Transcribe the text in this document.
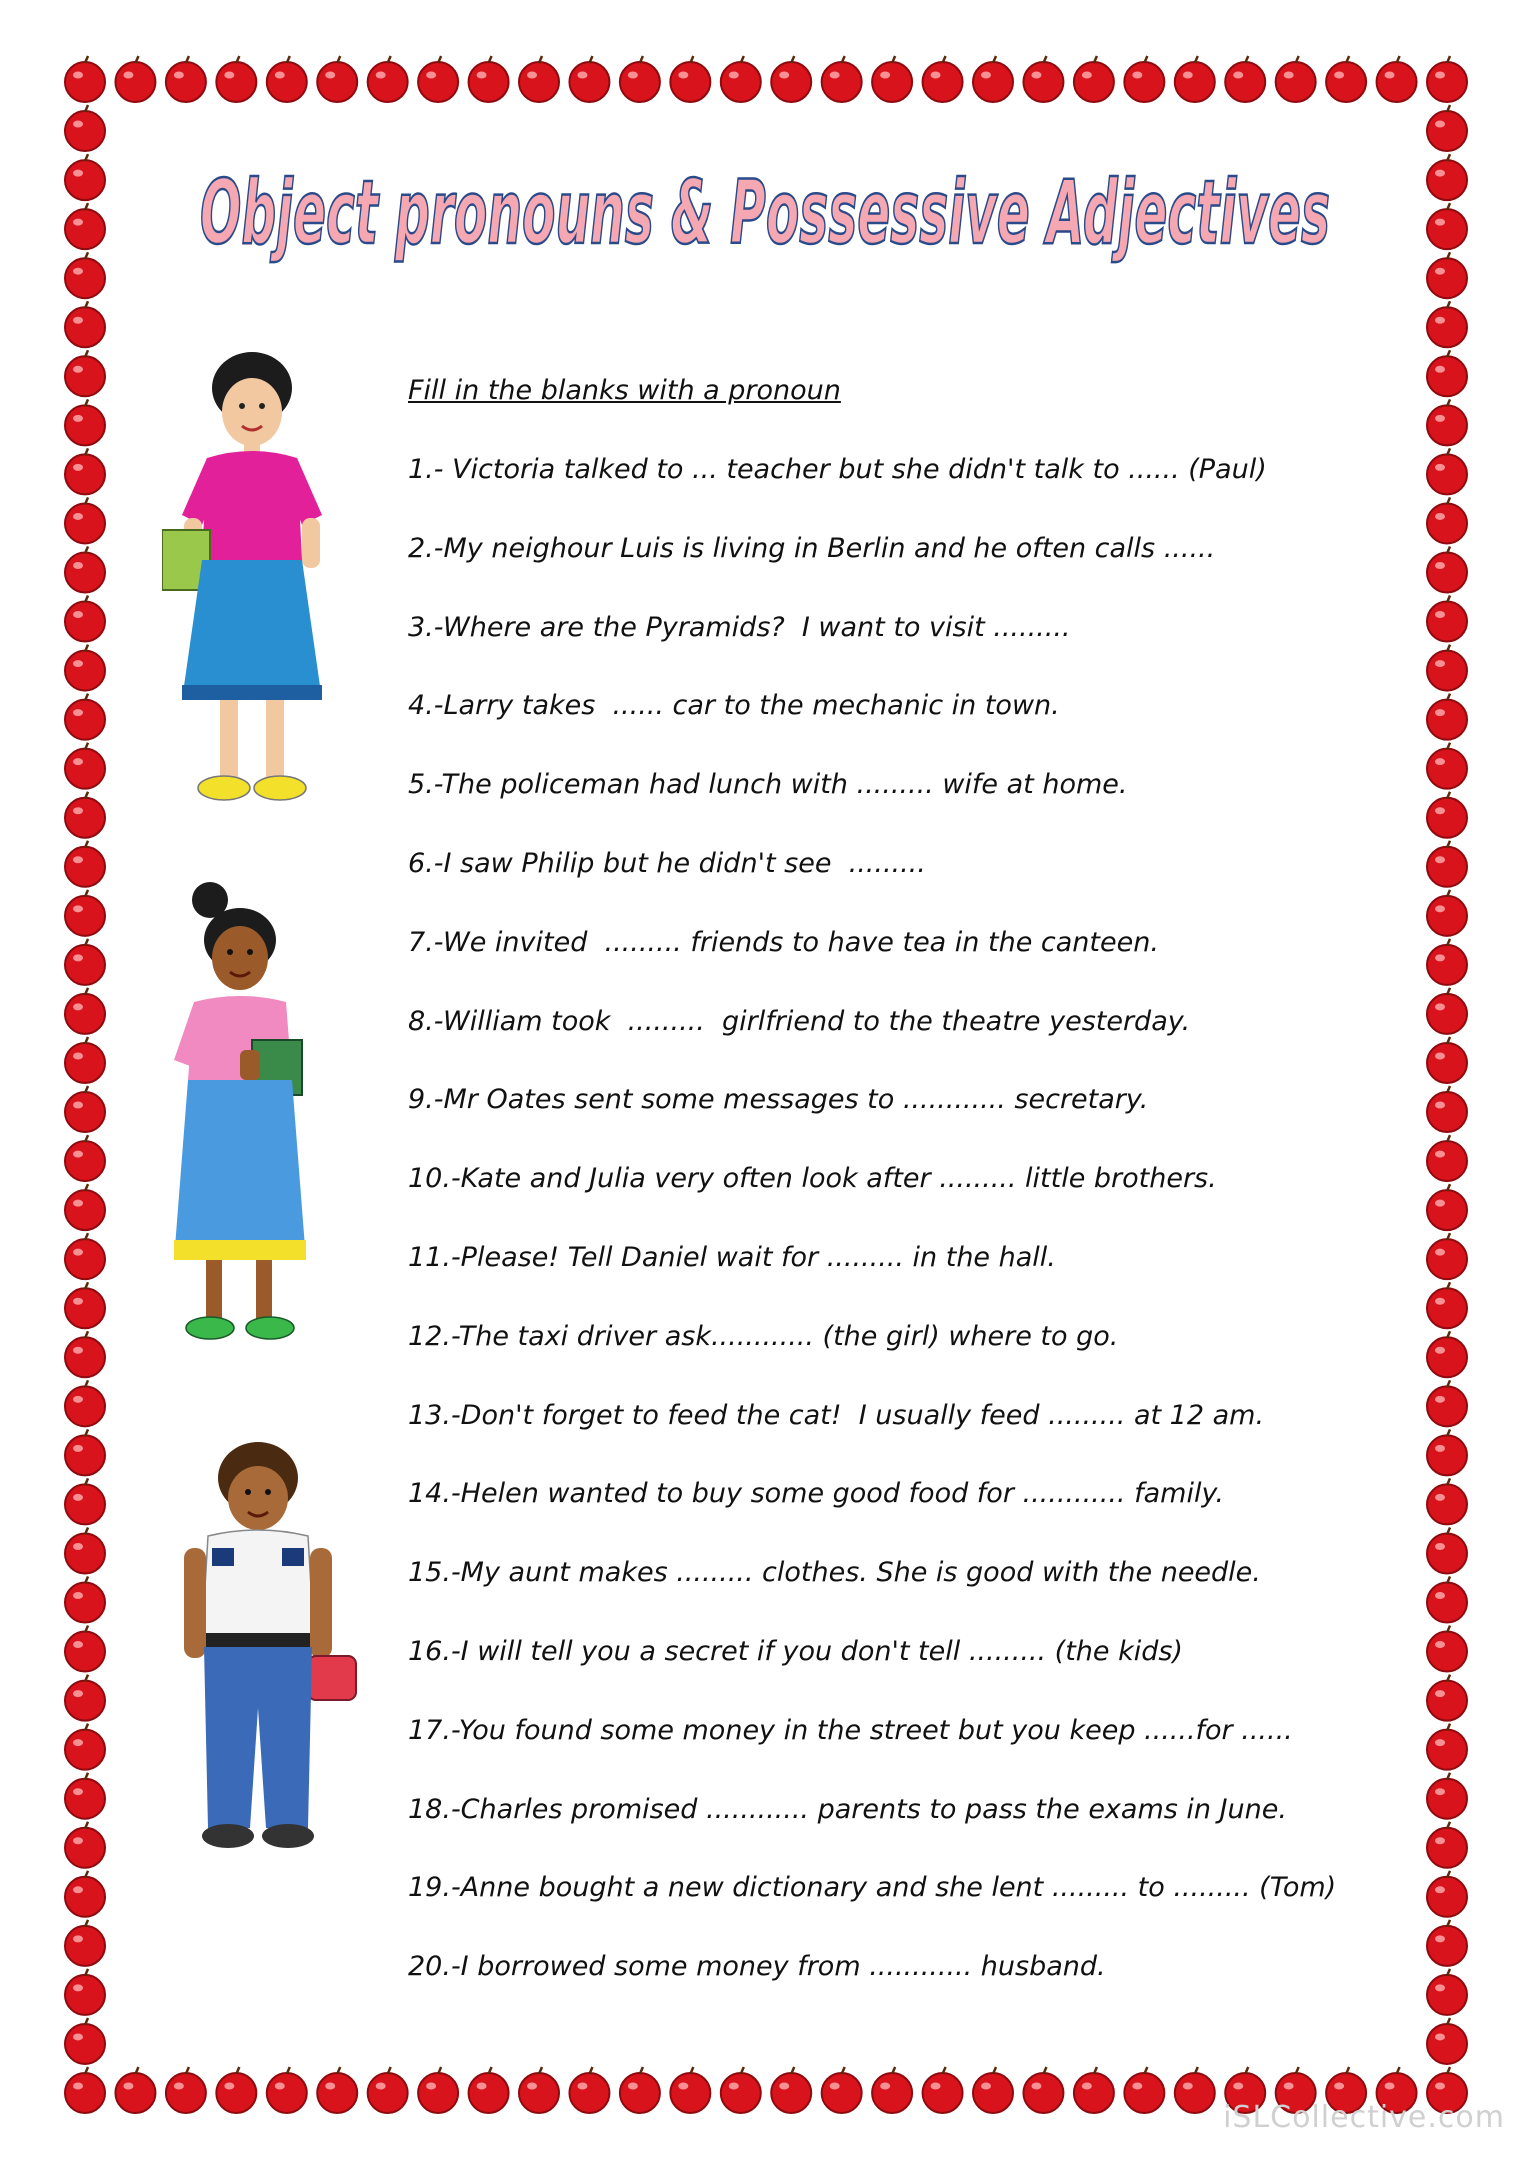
Object pronouns & Possessive Adjectives
Fill in the blanks with a pronoun
1.- Victoria talked to ... teacher but she didn't talk to ...... (Paul)
2.-My neighour Luis is living in Berlin and he often calls ......
3.-Where are the Pyramids?  I want to visit .........
4.-Larry takes  ...... car to the mechanic in town.
5.-The policeman had lunch with ......... wife at home.
6.-I saw Philip but he didn't see  .........
7.-We invited  ......... friends to have tea in the canteen.
8.-William took  .........  girlfriend to the theatre yesterday.
9.-Mr Oates sent some messages to ............ secretary.
10.-Kate and Julia very often look after ......... little brothers.
11.-Please! Tell Daniel wait for ......... in the hall.
12.-The taxi driver ask............ (the girl) where to go.
13.-Don't forget to feed the cat!  I usually feed ......... at 12 am.
14.-Helen wanted to buy some good food for ............ family.
15.-My aunt makes ......... clothes. She is good with the needle.
16.-I will tell you a secret if you don't tell ......... (the kids)
17.-You found some money in the street but you keep ......for ......
18.-Charles promised ............ parents to pass the exams in June.
19.-Anne bought a new dictionary and she lent ......... to ......... (Tom)
20.-I borrowed some money from ............ husband.
iSLCollective.com
